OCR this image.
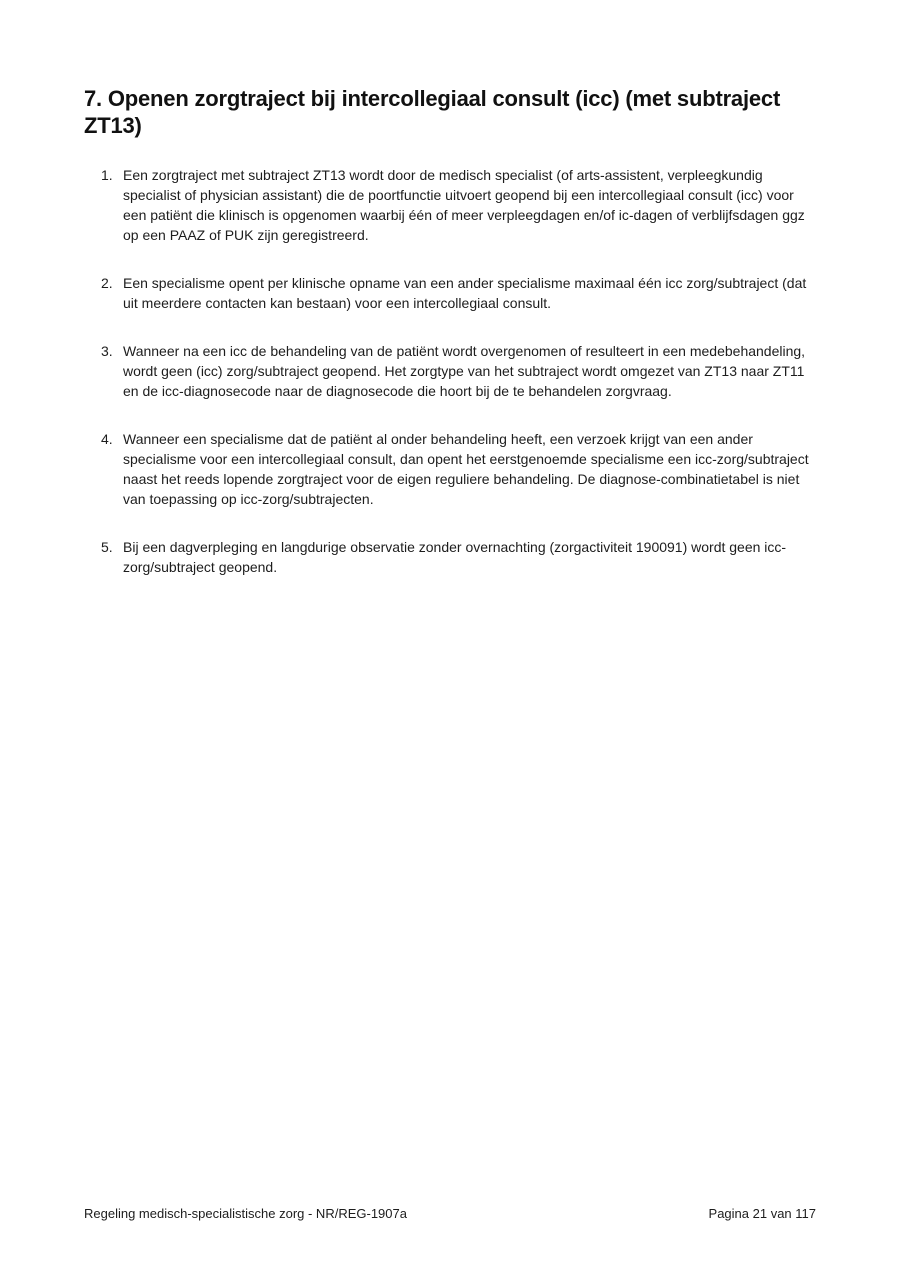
7. Openen zorgtraject bij intercollegiaal consult (icc) (met subtraject ZT13)
1. Een zorgtraject met subtraject ZT13 wordt door de medisch specialist (of arts-assistent, verpleegkundig specialist of physician assistant) die de poortfunctie uitvoert geopend bij een intercollegiaal consult (icc) voor een patiënt die klinisch is opgenomen waarbij één of meer verpleegdagen en/of ic-dagen of verblijfsdagen ggz op een PAAZ of PUK zijn geregistreerd.
2. Een specialisme opent per klinische opname van een ander specialisme maximaal één icc zorg/subtraject (dat uit meerdere contacten kan bestaan) voor een intercollegiaal consult.
3. Wanneer na een icc de behandeling van de patiënt wordt overgenomen of resulteert in een medebehandeling, wordt geen (icc) zorg/subtraject geopend. Het zorgtype van het subtraject wordt omgezet van ZT13 naar ZT11 en de icc-diagnosecode naar de diagnosecode die hoort bij de te behandelen zorgvraag.
4. Wanneer een specialisme dat de patiënt al onder behandeling heeft, een verzoek krijgt van een ander specialisme voor een intercollegiaal consult, dan opent het eerstgenoemde specialisme een icc-zorg/subtraject naast het reeds lopende zorgtraject voor de eigen reguliere behandeling. De diagnose-combinatietabel is niet van toepassing op icc-zorg/subtrajecten.
5. Bij een dagverpleging en langdurige observatie zonder overnachting (zorgactiviteit 190091) wordt geen icc-zorg/subtraject geopend.
Regeling medisch-specialistische zorg - NR/REG-1907a	Pagina 21 van 117
